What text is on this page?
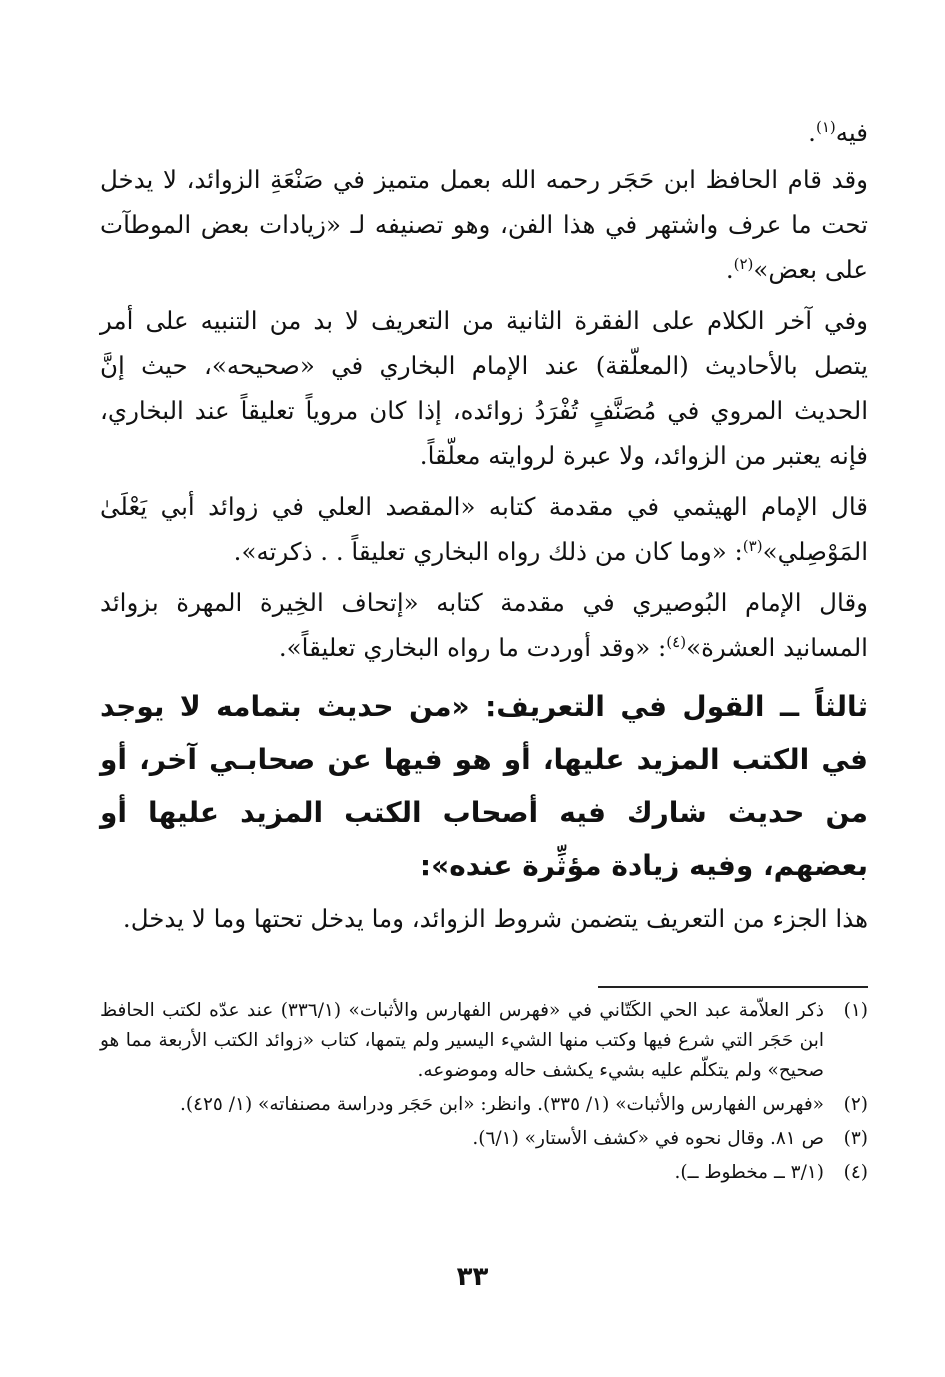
فيه$^{(١)}$.

وقد قام الحافظ ابن حَجَر رحمه الله بعمل متميز في صَنْعَةِ الزوائد، لا يدخل تحت ما عرف واشتهر في هذا الفن، وهو تصنيفه لـ «زيادات بعض الموطآت على بعض»$^{(٢)}$.

وفي آخر الكلام على الفقرة الثانية من التعريف لا بد من التنبيه على أمر يتصل بالأحاديث (المعلّقة) عند الإمام البخاري في «صحيحه»، حيث إنَّ الحديث المروي في مُصَنَّفٍ تُفْرَدُ زوائده، إذا كان مروياً تعليقاً عند البخاري، فإنه يعتبر من الزوائد، ولا عبرة لروايته معلّقاً.

قال الإمام الهيثمي في مقدمة كتابه «المقصد العلي في زوائد أبي يَعْلَىٰ المَوْصِلي»$^{(٣)}$: «وما كان من ذلك رواه البخاري تعليقاً . . ذكرته».

وقال الإمام البُوصيري في مقدمة كتابه «إتحاف الخِيرة المهرة بزوائد المسانيد العشرة»$^{(٤)}$: «وقد أوردت ما رواه البخاري تعليقاً».

ثالثاً ــ القول في التعريف: «من حديث بتمامه لا يوجد في الكتب المزيد عليها، أو هو فيها عن صحابـي آخر، أو من حديث شارك فيه أصحاب الكتب المزيد عليها أو بعضهم، وفيه زيادة مؤثِّرة عنده»:

هذا الجزء من التعريف يتضمن شروط الزوائد، وما يدخل تحتها وما لا يدخل.

(١)
ذكر العلاّمة عبد الحي الكَتّاني في «فهرس الفهارس والأثبات» (٣٣٦/١) عند عدّه لكتب الحافظ ابن حَجَر التي شرع فيها وكتب منها الشيء اليسير ولم يتمها، كتاب «زوائد الكتب الأربعة مما هو صحيح» ولم يتكلّم عليه بشيء يكشف حاله وموضوعه.
(٢)
«فهرس الفهارس والأثبات» (١/ ٣٣٥). وانظر: «ابن حَجَر ودراسة مصنفاته» (١/ ٤٢٥).
(٣)
ص ٨١. وقال نحوه في «كشف الأستار» (٦/١).
(٤)
(٣/١ ــ مخطوط ــ).
٣٣
